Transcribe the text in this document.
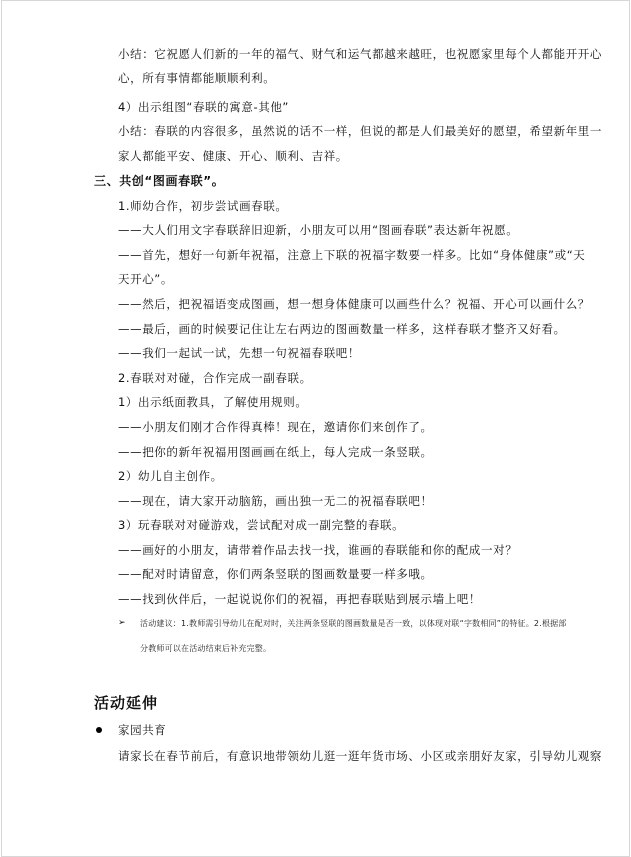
小结：它祝愿人们新的一年的福气、财气和运气都越来越旺，也祝愿家里每个人都能开开心
心，所有事情都能顺顺利利。
4）出示组图“春联的寓意-其他”
小结：春联的内容很多，虽然说的话不一样，但说的都是人们最美好的愿望，希望新年里一
家人都能平安、健康、开心、顺利、吉祥。
三、共创“图画春联”。
1.师幼合作，初步尝试画春联。
——大人们用文字春联辞旧迎新，小朋友可以用“图画春联”表达新年祝愿。
——首先，想好一句新年祝福，注意上下联的祝福字数要一样多。比如“身体健康”或“天
天开心”。
——然后，把祝福语变成图画，想一想身体健康可以画些什么？祝福、开心可以画什么？
——最后，画的时候要记住让左右两边的图画数量一样多，这样春联才整齐又好看。
——我们一起试一试，先想一句祝福春联吧！
2.春联对对碰，合作完成一副春联。
1）出示纸面教具，了解使用规则。
——小朋友们刚才合作得真棒！现在，邀请你们来创作了。
——把你的新年祝福用图画画在纸上，每人完成一条竖联。
2）幼儿自主创作。
——现在，请大家开动脑筋，画出独一无二的祝福春联吧！
3）玩春联对对碰游戏，尝试配对成一副完整的春联。
——画好的小朋友，请带着作品去找一找，谁画的春联能和你的配成一对？
——配对时请留意，你们两条竖联的图画数量要一样多哦。
——找到伙伴后，一起说说你们的祝福，再把春联贴到展示墙上吧！
➢ 活动建议：1.教师需引导幼儿在配对时，关注两条竖联的图画数量是否一致，以体现对联“字数相同”的特征。2.根据部
分教师可以在活动结束后补充完整。
活动延伸
家园共育
请家长在春节前后，有意识地带领幼儿逛一逛年货市场、小区或亲朋好友家，引导幼儿观察
